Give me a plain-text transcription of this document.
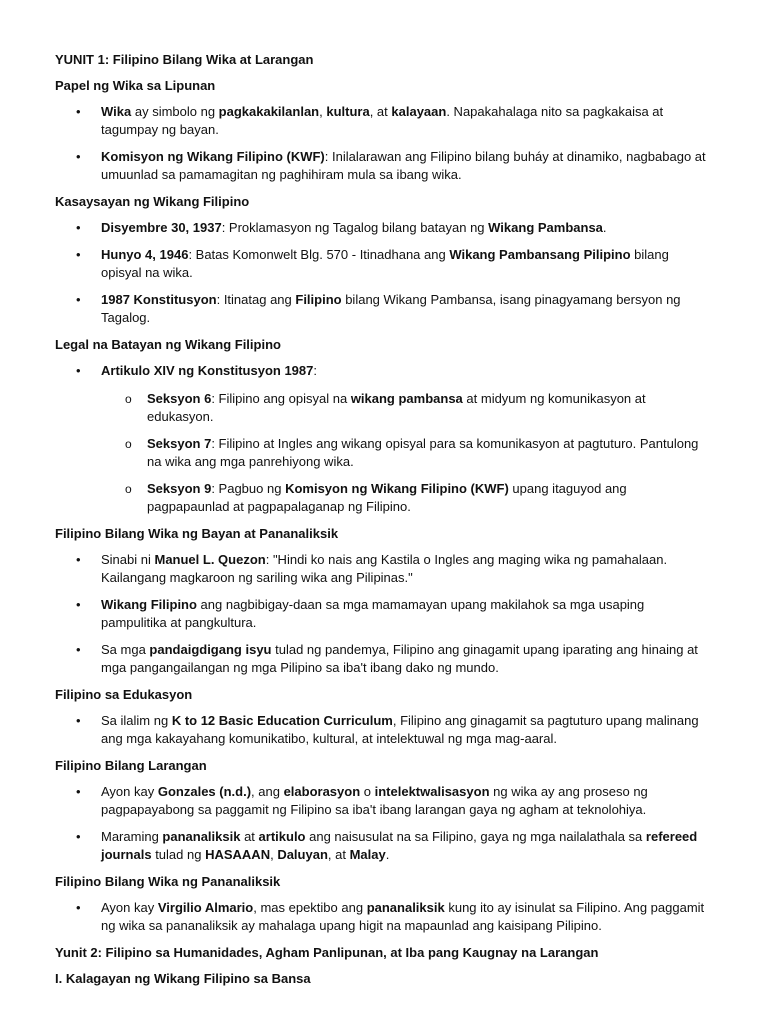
YUNIT 1: Filipino Bilang Wika at Larangan
Papel ng Wika sa Lipunan
• Wika ay simbolo ng pagkakakilanlan, kultura, at kalayaan. Napakahalaga nito sa pagkakaisa at tagumpay ng bayan.
• Komisyon ng Wikang Filipino (KWF): Inilalarawan ang Filipino bilang buháy at dinamiko, nagbabago at umuunlad sa pamamagitan ng paghihiram mula sa ibang wika.
Kasaysayan ng Wikang Filipino
• Disyembre 30, 1937: Proklamasyon ng Tagalog bilang batayan ng Wikang Pambansa.
• Hunyo 4, 1946: Batas Komonwelt Blg. 570 - Itinadhana ang Wikang Pambansang Pilipino bilang opisyal na wika.
• 1987 Konstitusyon: Itinatag ang Filipino bilang Wikang Pambansa, isang pinagyamang bersyon ng Tagalog.
Legal na Batayan ng Wikang Filipino
• Artikulo XIV ng Konstitusyon 1987:
o Seksyon 6: Filipino ang opisyal na wikang pambansa at midyum ng komunikasyon at edukasyon.
o Seksyon 7: Filipino at Ingles ang wikang opisyal para sa komunikasyon at pagtuturo. Pantulong na wika ang mga panrehiyong wika.
o Seksyon 9: Pagbuo ng Komisyon ng Wikang Filipino (KWF) upang itaguyod ang pagpapaunlad at pagpapalaganap ng Filipino.
Filipino Bilang Wika ng Bayan at Pananaliksik
• Sinabi ni Manuel L. Quezon: "Hindi ko nais ang Kastila o Ingles ang maging wika ng pamahalaan. Kailangang magkaroon ng sariling wika ang Pilipinas."
• Wikang Filipino ang nagbibigay-daan sa mga mamamayan upang makilahok sa mga usaping pampulitika at pangkultura.
• Sa mga pandaigdigang isyu tulad ng pandemya, Filipino ang ginagamit upang iparating ang hinaing at mga pangangailangan ng mga Pilipino sa iba't ibang dako ng mundo.
Filipino sa Edukasyon
• Sa ilalim ng K to 12 Basic Education Curriculum, Filipino ang ginagamit sa pagtuturo upang malinang ang mga kakayahang komunikatibo, kultural, at intelektuwal ng mga mag-aaral.
Filipino Bilang Larangan
• Ayon kay Gonzales (n.d.), ang elaborasyon o intelektwalisasyon ng wika ay ang proseso ng pagpapayabong sa paggamit ng Filipino sa iba't ibang larangan gaya ng agham at teknolohiya.
• Maraming pananaliksik at artikulo ang naisusulat na sa Filipino, gaya ng mga nailalathala sa refereed journals tulad ng HASAAAN, Daluyan, at Malay.
Filipino Bilang Wika ng Pananaliksik
• Ayon kay Virgilio Almario, mas epektibo ang pananaliksik kung ito ay isinulat sa Filipino. Ang paggamit ng wika sa pananaliksik ay mahalaga upang higit na mapaunlad ang kaisipang Pilipino.
Yunit 2: Filipino sa Humanidades, Agham Panlipunan, at Iba pang Kaugnay na Larangan
I. Kalagayan ng Wikang Filipino sa Bansa
